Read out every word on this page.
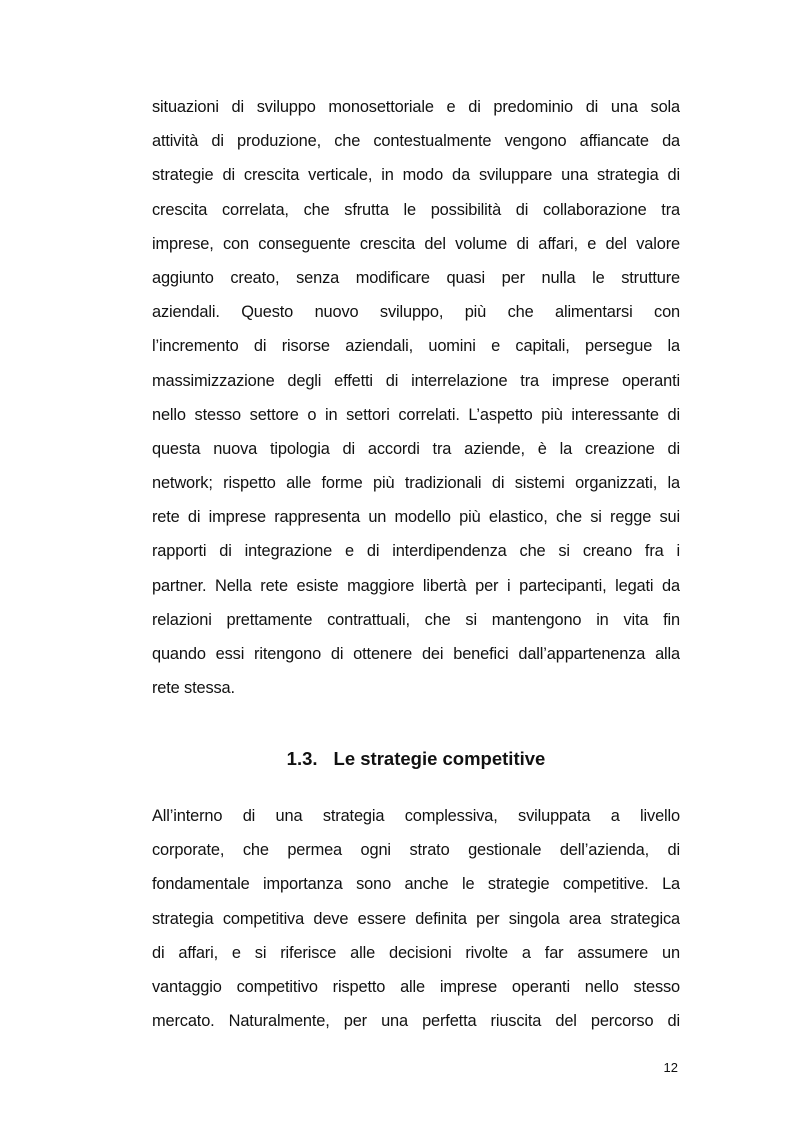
situazioni di sviluppo monosettoriale e di predominio di una sola
attività di produzione, che contestualmente vengono affiancate da
strategie di crescita verticale, in modo da sviluppare una strategia di
crescita correlata, che sfrutta le possibilità di collaborazione tra
imprese, con conseguente crescita del volume di affari, e del valore
aggiunto creato, senza modificare quasi per nulla le strutture
aziendali. Questo nuovo sviluppo, più che alimentarsi con
l’incremento di risorse aziendali, uomini e capitali, persegue la
massimizzazione degli effetti di interrelazione tra imprese operanti
nello stesso settore o in settori correlati. L’aspetto più interessante di
questa nuova tipologia di accordi tra aziende, è la creazione di
network; rispetto alle forme più tradizionali di sistemi organizzati, la
rete di imprese rappresenta un modello più elastico, che si regge sui
rapporti di integrazione e di interdipendenza che si creano fra i
partner. Nella rete esiste maggiore libertà per i partecipanti, legati da
relazioni prettamente contrattuali, che si mantengono in vita fin
quando essi ritengono di ottenere dei benefici dall’appartenenza alla
rete stessa.
1.3. Le strategie competitive
All’interno di una strategia complessiva, sviluppata a livello
corporate, che permea ogni strato gestionale dell’azienda, di
fondamentale importanza sono anche le strategie competitive. La
strategia competitiva deve essere definita per singola area strategica
di affari, e si riferisce alle decisioni rivolte a far assumere un
vantaggio competitivo rispetto alle imprese operanti nello stesso
mercato. Naturalmente, per una perfetta riuscita del percorso di
12
